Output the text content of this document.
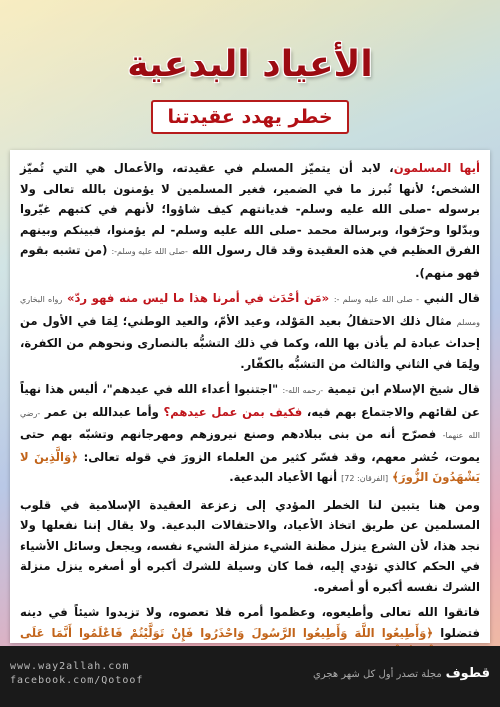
الأعياد البدعية
خطر يهدد عقيدتنا

أيها المسلمون، لابد أن يتميّز المسلم في عقيدته، والأعمال هي التي تُميّز الشخص؛ لأنها تُبرز ما في الضمير، فغير المسلمين لا يؤمنون بالله تعالى ولا برسوله -صلى الله عليه وسلم- فديانتهم كيف شاؤوا؛ لأنهم في كتبهم غيّروا وبدّلوا وحرّفوا، وبرسالة محمد -صلى الله عليه وسلم- لم يؤمنوا، فبينكم وبينهم الفرق العظيم في هذه العقيدة وقد قال رسول الله -صلى الله عليه وسلم-: (من تشبه بقوم فهو منهم).

قال النبي - صلى الله عليه وسلم -: «مَن أحْدَث في أمرنا هذا ما ليس منه فهو ردّ» رواه البخاري ومسلم مثال ذلك الاحتفالُ بعيد المَوْلد، وعيد الأمّ، والعيد الوطني؛ لِمَا في الأول من إحداث عبادة لم يأذن بها الله، وكما في ذلك التشبُّه بالنصارى ونحوهم من الكفرة، ولِمَا في الثاني والثالث من التشبُّه بالكفّار.

قال شيخ الإسلام ابن تيمية -رحمه الله-: "اجتنبوا أعداء الله في عيدهم"، أليس هذا نهياً عن لقائهم والاجتماع بهم فيه، فكيف بمن عمل عيدهم؟ وأما عبدالله بن عمر -رضي الله عنهما- فصرّح أنه من بنى ببلادهم وصنع نيروزهم ومهرجانهم وتشبّه بهم حتى يموت، حُشر معهم، وقد فسّر كثير من العلماء الزورَ في قوله تعالى: ﴿وَالَّذِينَ لا يَشْهَدُونَ الزُّورَ﴾ [الفرقان: 72] أنها الأعياد البدعية.

ومن هنا يتبين لنا الخطر المؤدي إلى زعزعة العقيدة الإسلامية في قلوب المسلمين عن طريق اتخاذ الأعياد، والاحتفالات البدعية. ولا يقال إننا نفعلها ولا نجد هذا، لأن الشرع ينزل مظنة الشيء منزلة الشيء نفسه، ويجعل وسائل الأشياء في الحكم كالذي تؤدي إليه، فما كان وسيلة للشرك أكبره أو أصغره ينزل منزلة الشرك نفسه أكبره أو أصغره.

فاتقوا الله تعالى وأطيعوه، وعظموا أمره فلا تعصوه، ولا تزيدوا شيئاً في دينه فتضلوا ﴿وَأَطِيعُوا اللَّهَ وَأَطِيعُوا الرَّسُولَ وَاحْذَرُوا فَإِنْ تَوَلَّيْتُمْ فَاعْلَمُوا أَنَّمَا عَلَى

www.way2allah.com
facebook.com/Qotoof	قطوف مجلة تصدر أول كل شهر هجري
